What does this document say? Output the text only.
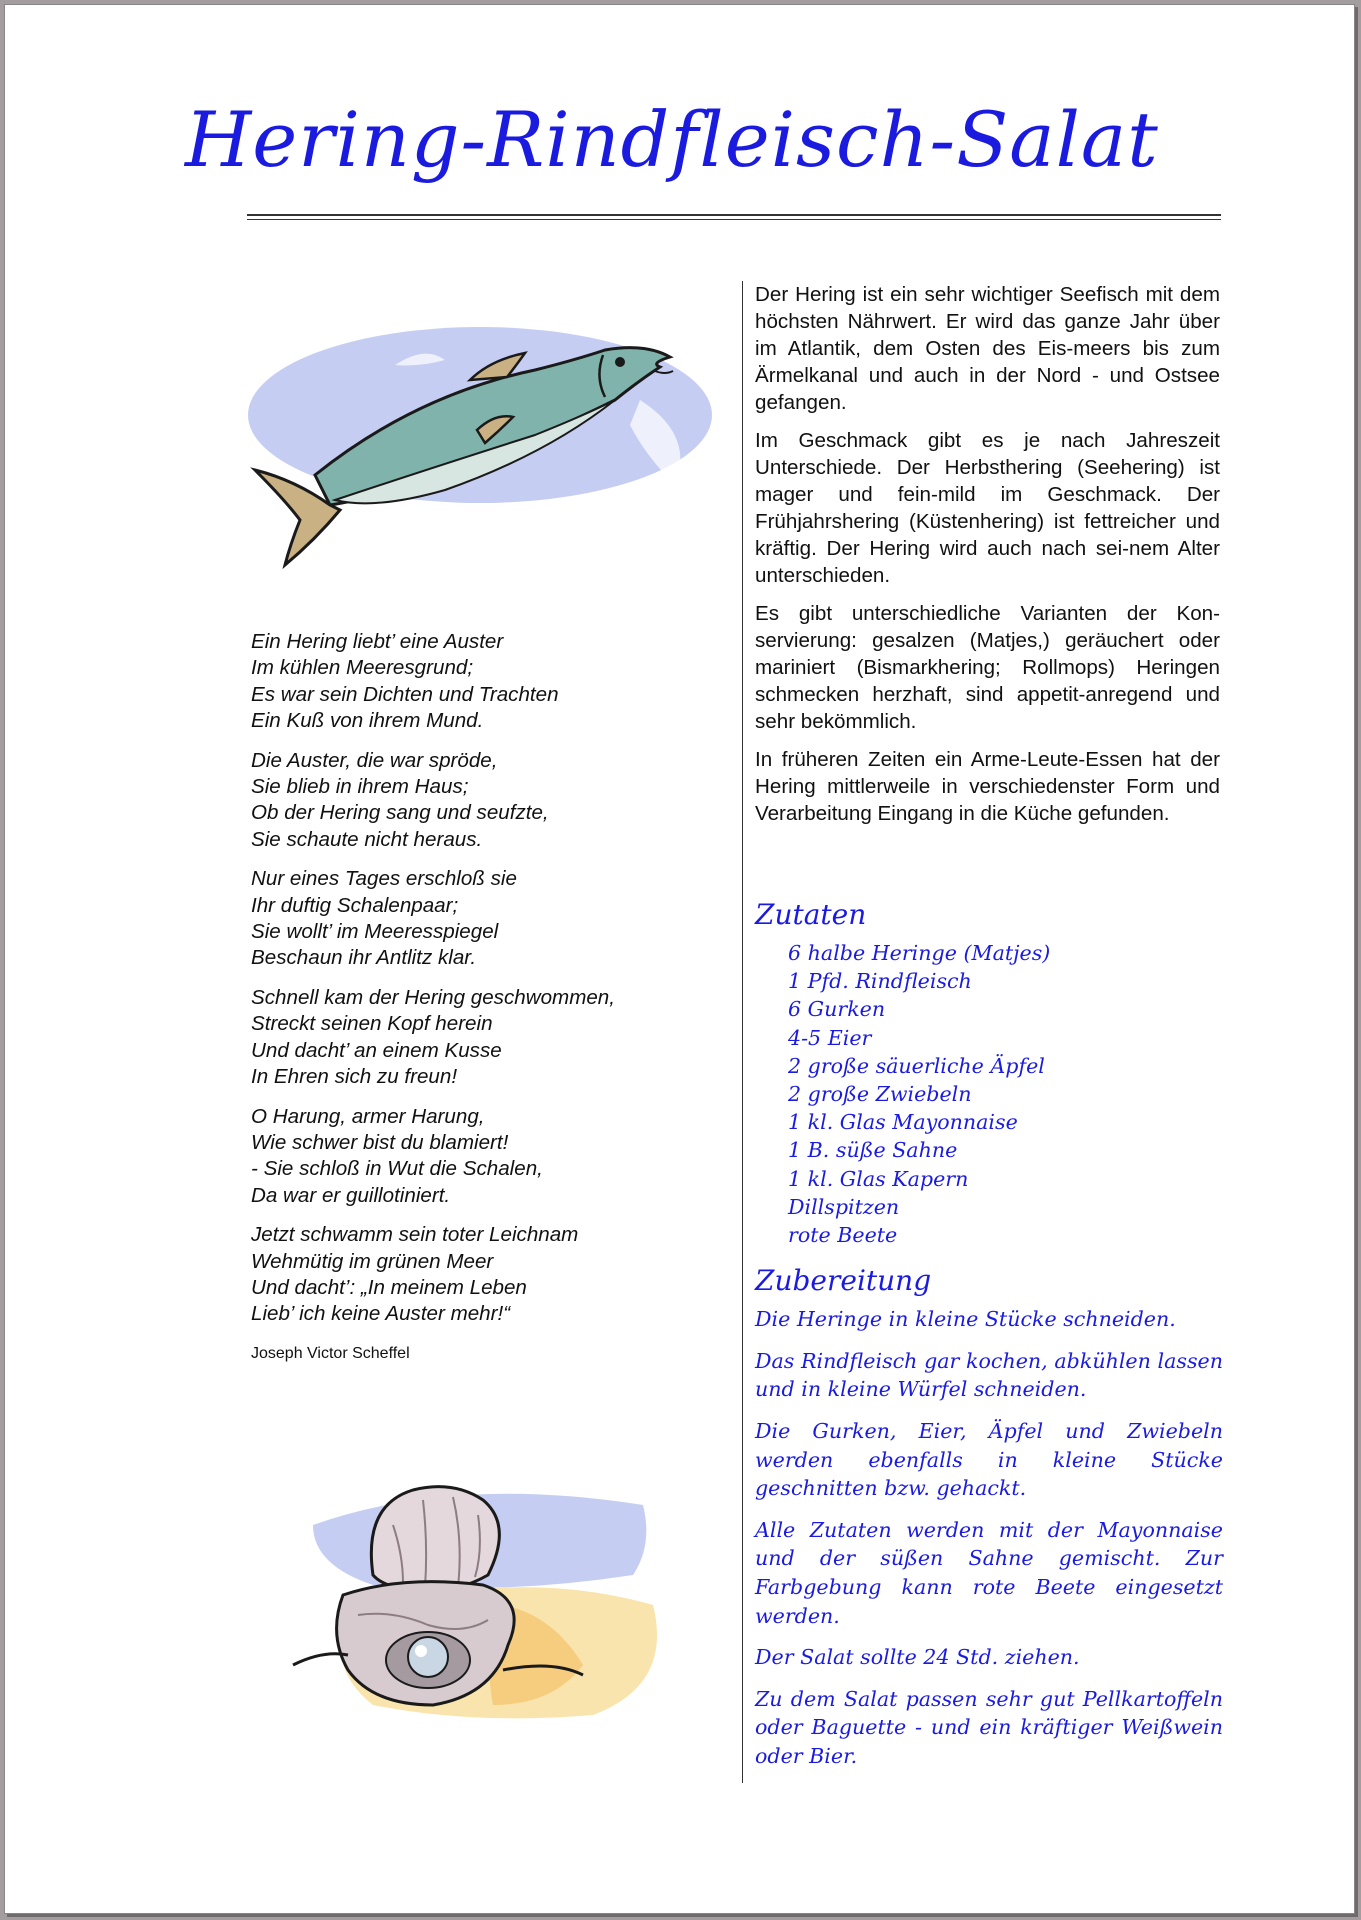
Hering-Rindfleisch-Salat

Ein Hering liebt’ eine Auster
Im kühlen Meeresgrund;
Es war sein Dichten und Trachten
Ein Kuß von ihrem Mund.

Die Auster, die war spröde,
Sie blieb in ihrem Haus;
Ob der Hering sang und seufzte,
Sie schaute nicht heraus.

Nur eines Tages erschloß sie
Ihr duftig Schalenpaar;
Sie wollt’ im Meeresspiegel
Beschaun ihr Antlitz klar.

Schnell kam der Hering geschwommen,
Streckt seinen Kopf herein
Und dacht’ an einem Kusse
In Ehren sich zu freun!

O Harung, armer Harung,
Wie schwer bist du blamiert!
- Sie schloß in Wut die Schalen,
Da war er guillotiniert.

Jetzt schwamm sein toter Leichnam
Wehmütig im grünen Meer
Und dacht’: „In meinem Leben
Lieb’ ich keine Auster mehr!“

Joseph Victor Scheffel

Der Hering ist ein sehr wichtiger Seefisch mit dem höchsten Nährwert. Er wird das ganze Jahr über im Atlantik, dem Osten des Eis-meers bis zum Ärmelkanal und auch in der Nord - und Ostsee gefangen.

Im Geschmack gibt es je nach Jahreszeit Unterschiede. Der Herbsthering (Seehering) ist mager und fein-mild im Geschmack. Der Frühjahrshering (Küstenhering) ist fettreicher und kräftig. Der Hering wird auch nach sei-nem Alter unterschieden.

Es gibt unterschiedliche Varianten der Kon-servierung: gesalzen (Matjes,) geräuchert oder mariniert (Bismarkhering; Rollmops) Heringen schmecken herzhaft, sind appetit-anregend und sehr bekömmlich.

In früheren Zeiten ein Arme-Leute-Essen hat der Hering mittlerweile in verschiedenster Form und Verarbeitung Eingang in die Küche gefunden.

Zutaten
6 halbe Heringe (Matjes)
1 Pfd. Rindfleisch
6 Gurken
4-5 Eier
2 große säuerliche Äpfel
2 große Zwiebeln
1 kl. Glas Mayonnaise
1 B. süße Sahne
1 kl. Glas Kapern
Dillspitzen
rote Beete
Zubereitung

Die Heringe in kleine Stücke schneiden.

Das Rindfleisch gar kochen, abkühlen lassen und in kleine Würfel schneiden.

Die Gurken, Eier, Äpfel und Zwiebeln werden ebenfalls in kleine Stücke geschnitten bzw. gehackt.

Alle Zutaten werden mit der Mayonnaise und der süßen Sahne gemischt. Zur Farbgebung kann rote Beete eingesetzt werden.

Der Salat sollte 24 Std. ziehen.

Zu dem Salat passen sehr gut Pellkartoffeln oder Baguette - und ein kräftiger Weißwein oder Bier.
